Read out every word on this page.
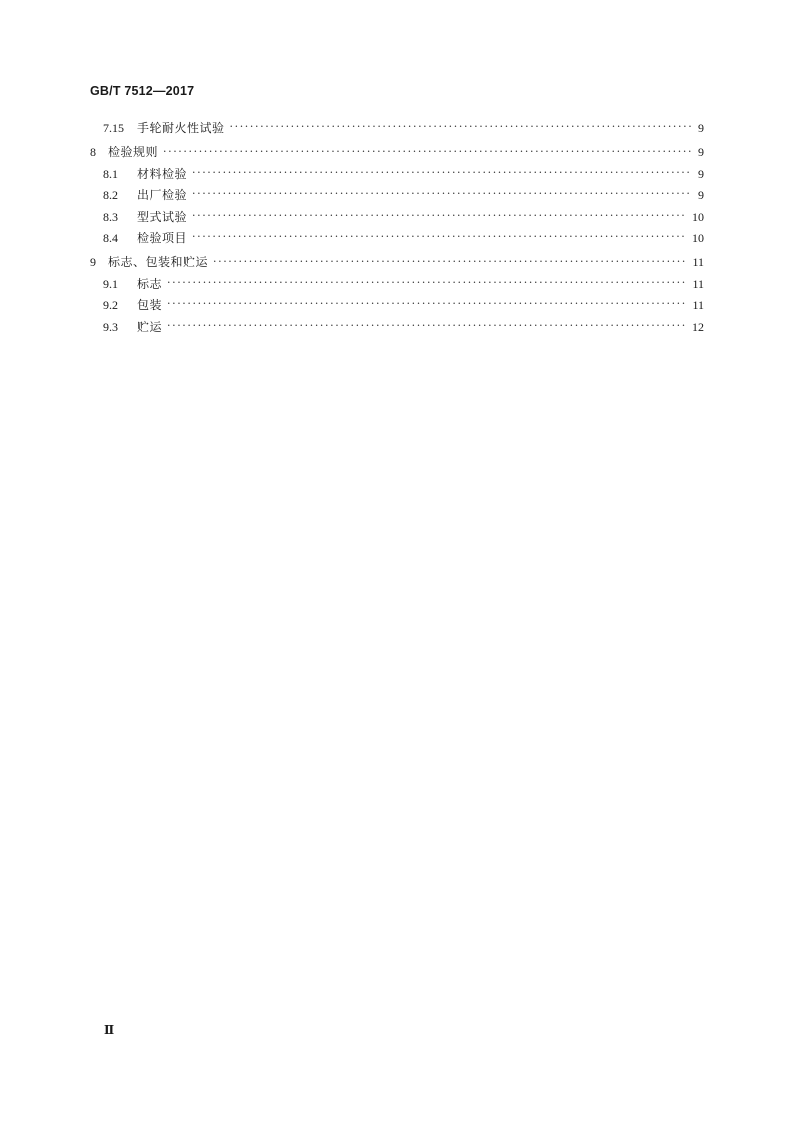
GB/T 7512—2017
7.15	手轮耐火性试验 ·····	9
8	检验规则 ·····	9
8.1	材料检验 ·····	9
8.2	出厂检验 ·····	9
8.3	型式试验 ·····	10
8.4	检验项目 ·····	10
9	标志、包装和贮运 ·····	11
9.1	标志 ·····	11
9.2	包装 ·····	11
9.3	贮运 ·····	12
Ⅱ
